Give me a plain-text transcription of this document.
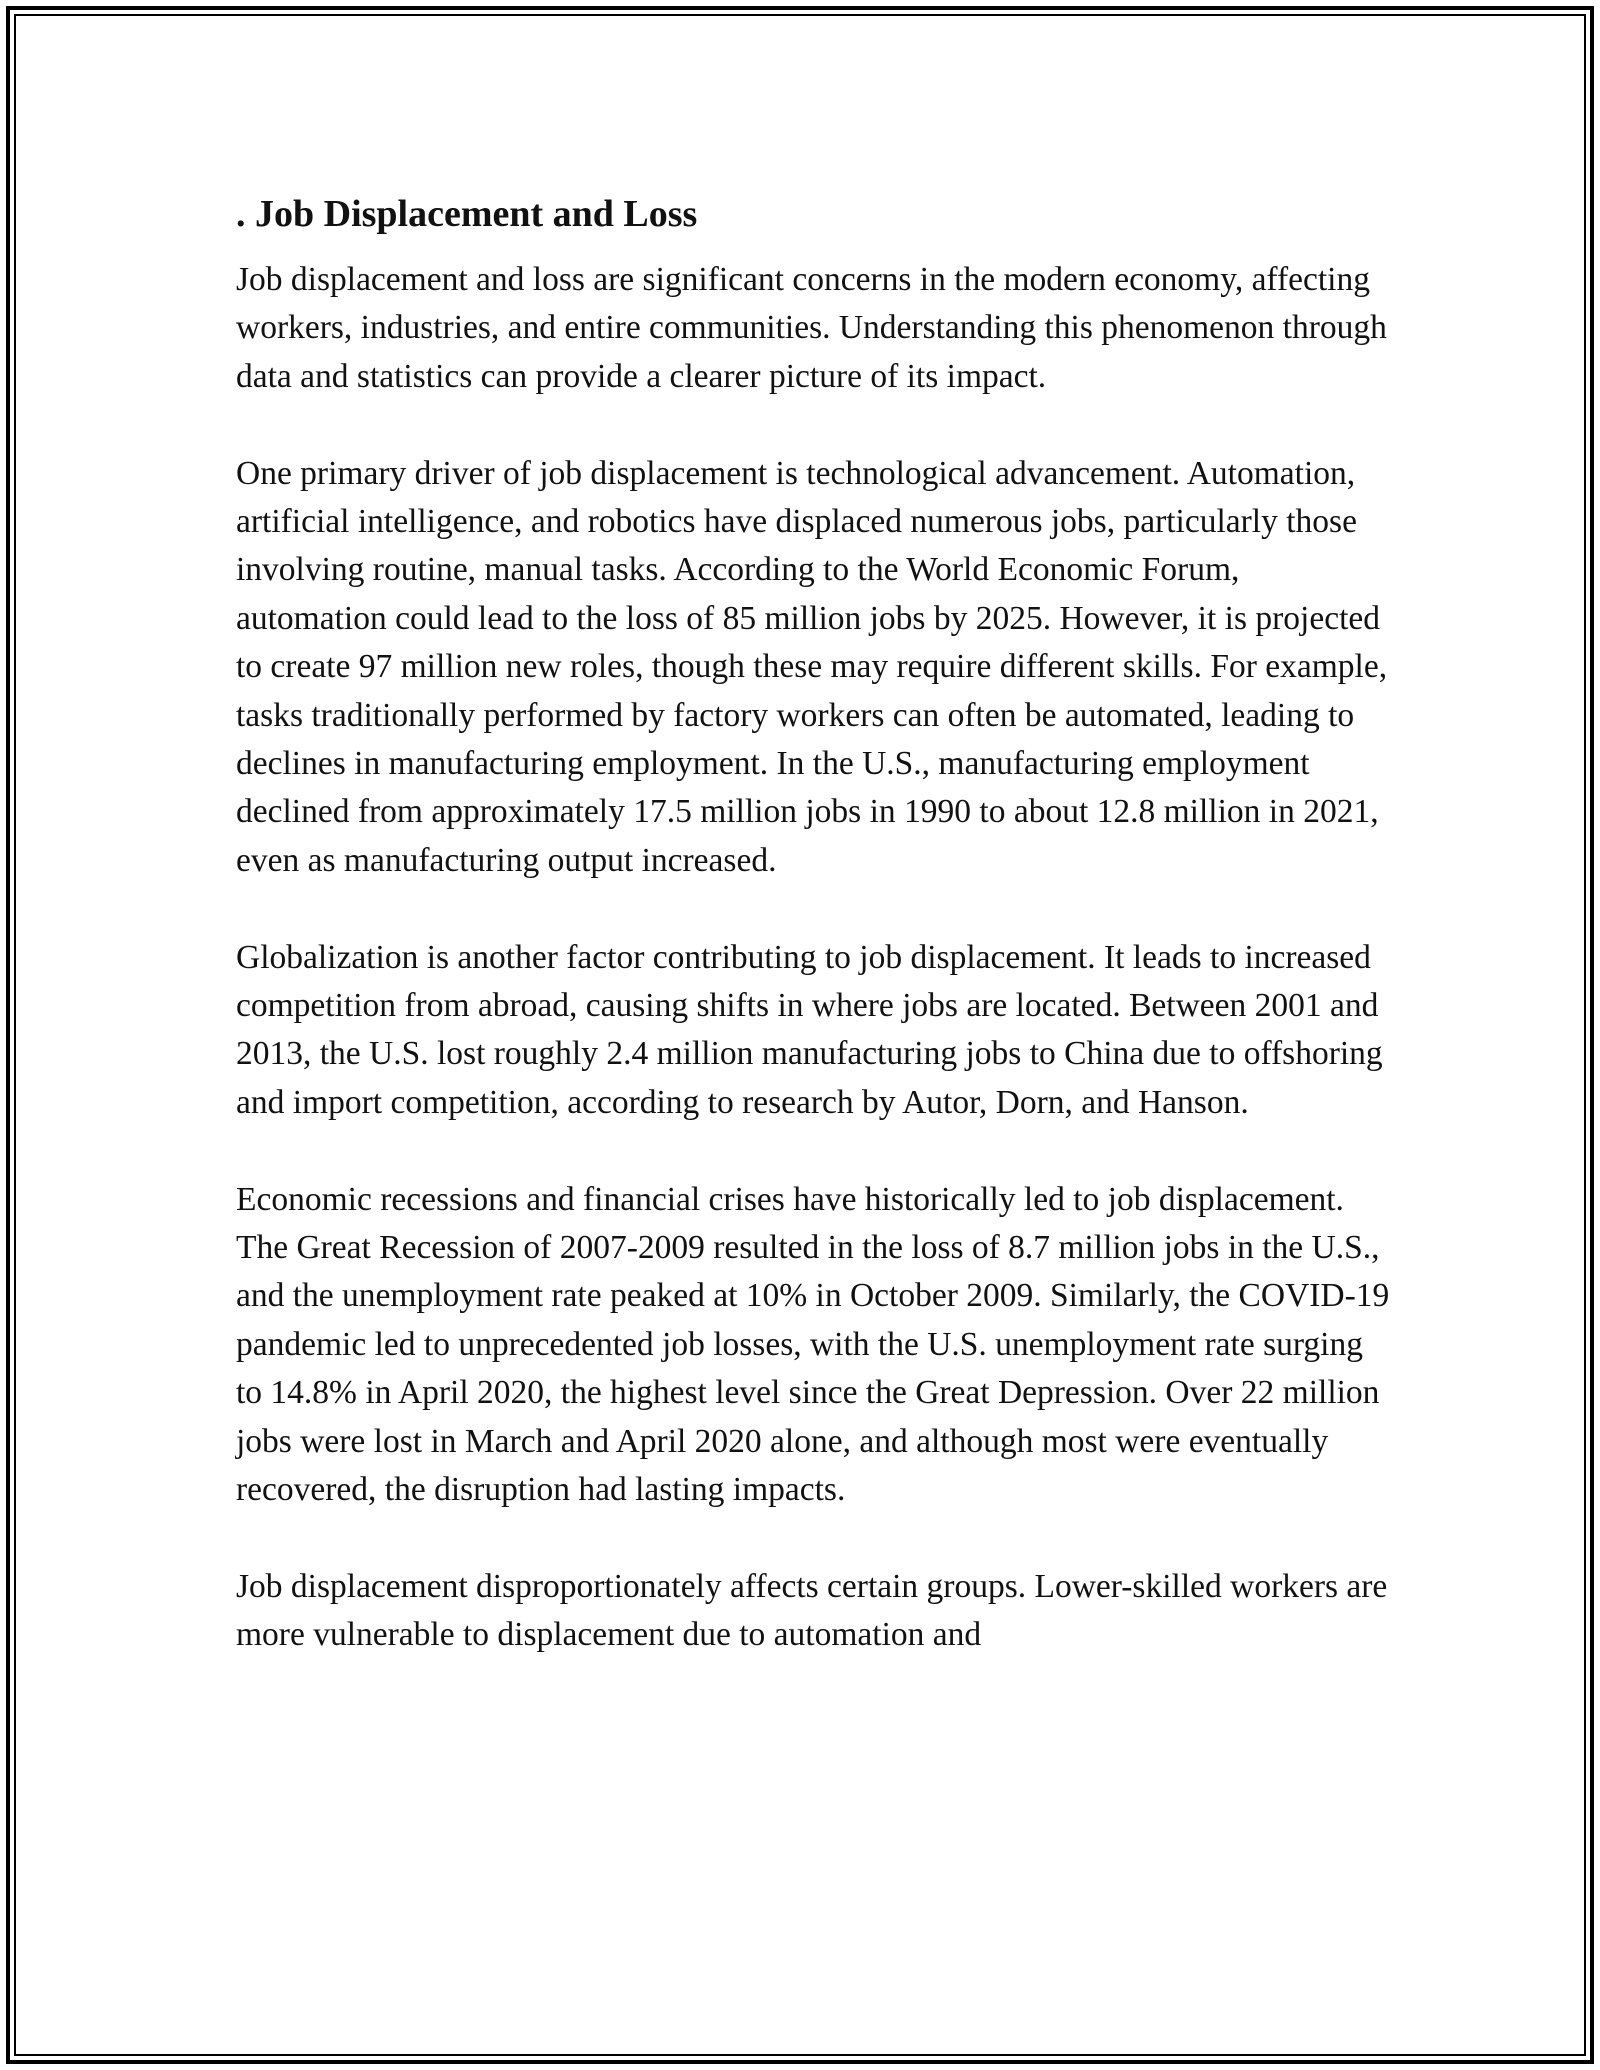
. Job Displacement and Loss

Job displacement and loss are significant concerns in the modern economy, affecting workers, industries, and entire communities. Understanding this phenomenon through data and statistics can provide a clearer picture of its impact.

One primary driver of job displacement is technological advancement. Automation, artificial intelligence, and robotics have displaced numerous jobs, particularly those involving routine, manual tasks. According to the World Economic Forum, automation could lead to the loss of 85 million jobs by 2025. However, it is projected to create 97 million new roles, though these may require different skills. For example, tasks traditionally performed by factory workers can often be automated, leading to declines in manufacturing employment. In the U.S., manufacturing employment declined from approximately 17.5 million jobs in 1990 to about 12.8 million in 2021, even as manufacturing output increased.

Globalization is another factor contributing to job displacement. It leads to increased competition from abroad, causing shifts in where jobs are located. Between 2001 and 2013, the U.S. lost roughly 2.4 million manufacturing jobs to China due to offshoring and import competition, according to research by Autor, Dorn, and Hanson.

Economic recessions and financial crises have historically led to job displacement. The Great Recession of 2007-2009 resulted in the loss of 8.7 million jobs in the U.S., and the unemployment rate peaked at 10% in October 2009. Similarly, the COVID-19 pandemic led to unprecedented job losses, with the U.S. unemployment rate surging to 14.8% in April 2020, the highest level since the Great Depression. Over 22 million jobs were lost in March and April 2020 alone, and although most were eventually recovered, the disruption had lasting impacts.

Job displacement disproportionately affects certain groups. Lower-skilled workers are more vulnerable to displacement due to automation and
